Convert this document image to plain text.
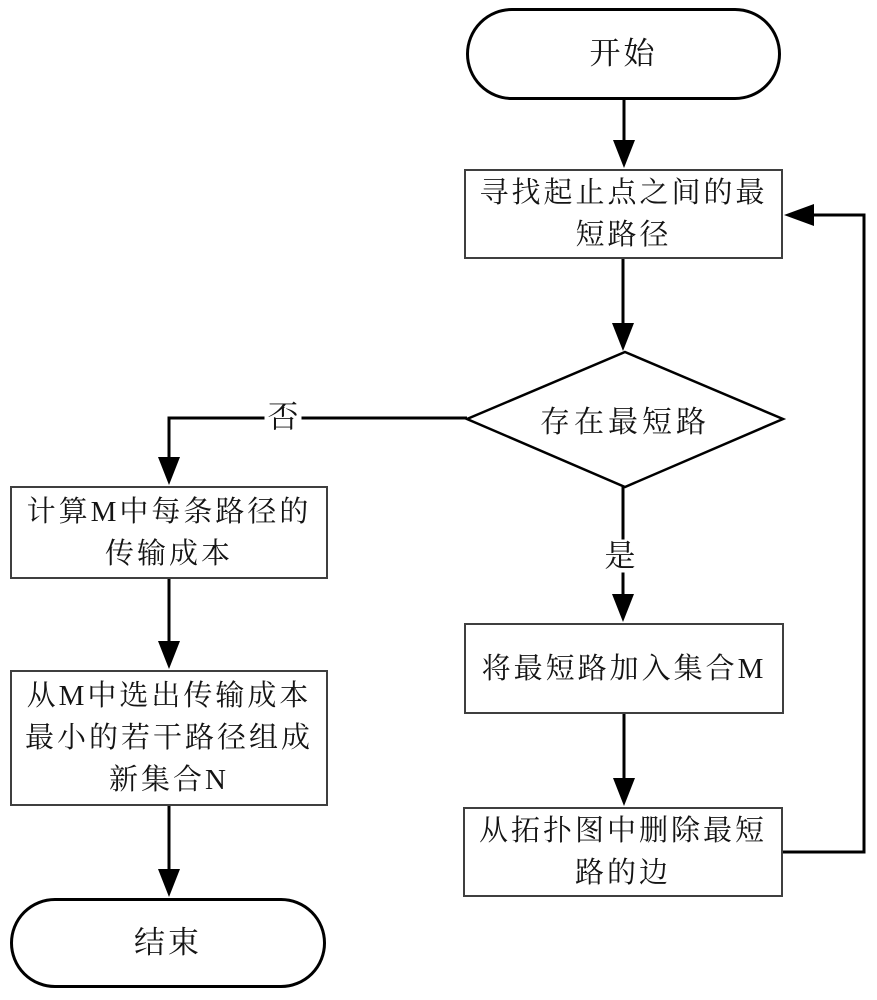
开始
寻找起止点之间的最短路径
存在最短路
否
是
将最短路加入集合M
从拓扑图中删除最短路的边
计算M中每条路径的传输成本
从M中选出传输成本最小的若干路径组成新集合N
结束
